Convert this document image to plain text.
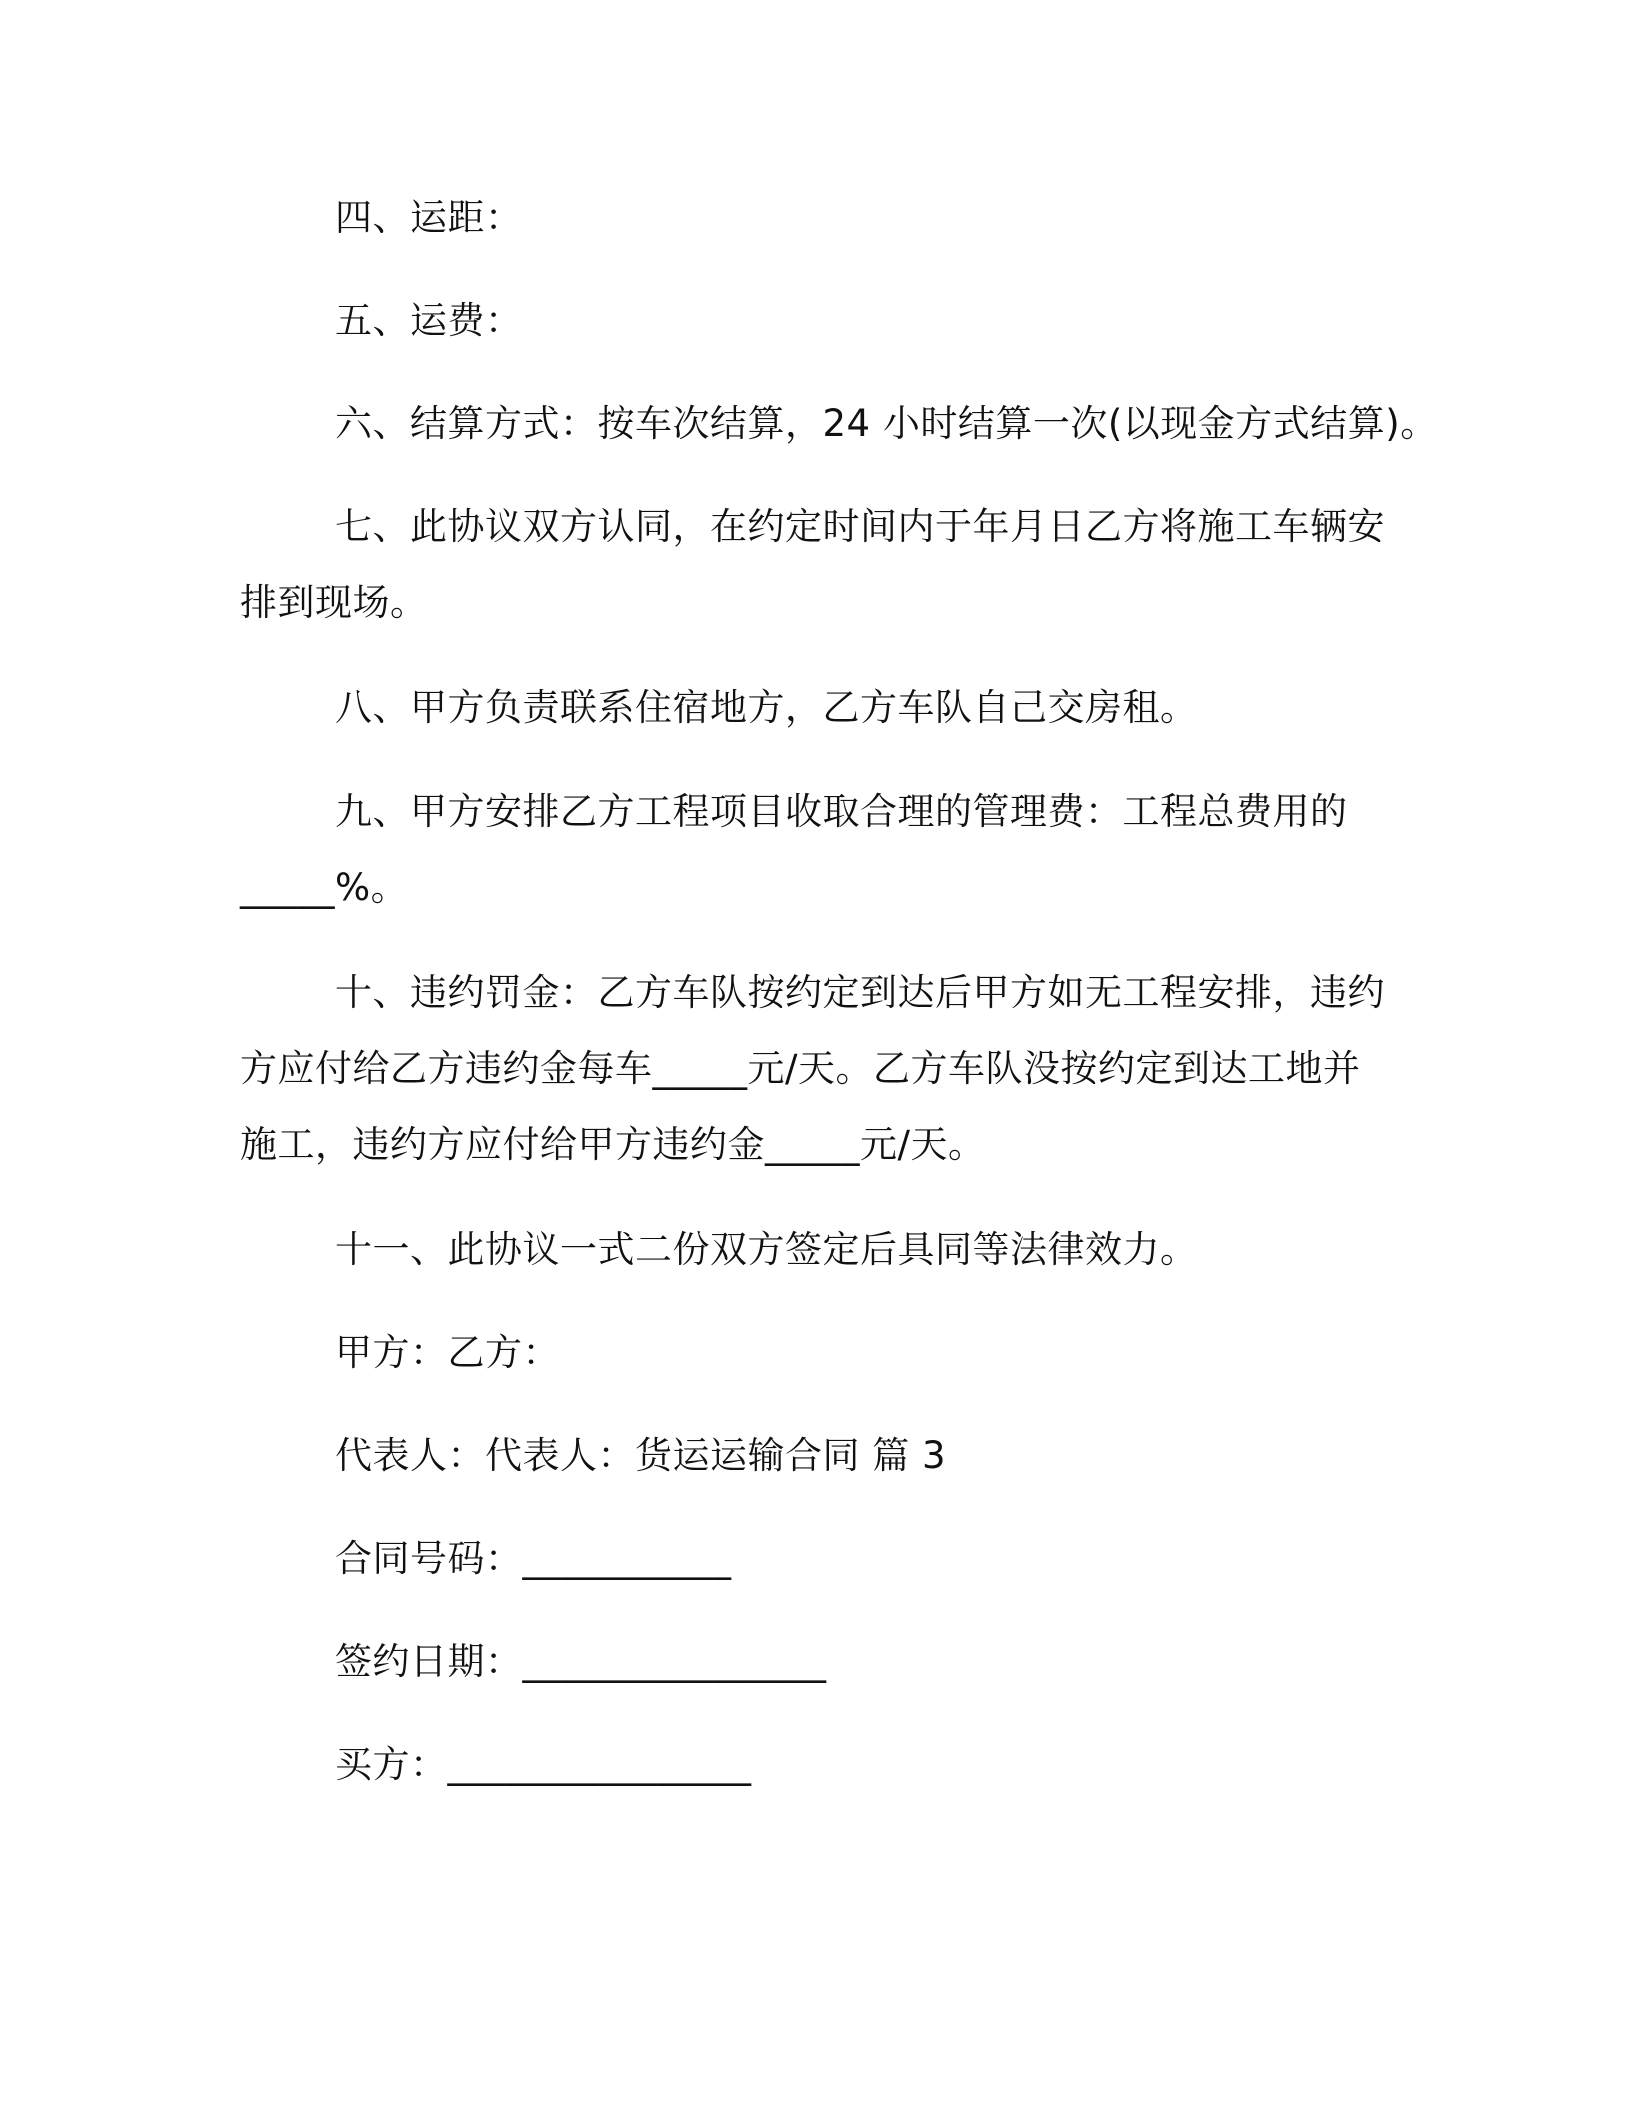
四、运距：
五、运费：
六、结算方式：按车次结算，24 小时结算一次(以现金方式结算)。
七、此协议双方认同，在约定时间内于年月日乙方将施工车辆安
排到现场。
八、甲方负责联系住宿地方，乙方车队自己交房租。
九、甲方安排乙方工程项目收取合理的管理费：工程总费用的
_____%。
十、违约罚金：乙方车队按约定到达后甲方如无工程安排，违约
方应付给乙方违约金每车_____元/天。乙方车队没按约定到达工地并
施工，违约方应付给甲方违约金_____元/天。
十一、此协议一式二份双方签定后具同等法律效力。
甲方：乙方：
代表人：代表人：货运运输合同 篇 3
合同号码：___________
签约日期：________________
买方：________________
